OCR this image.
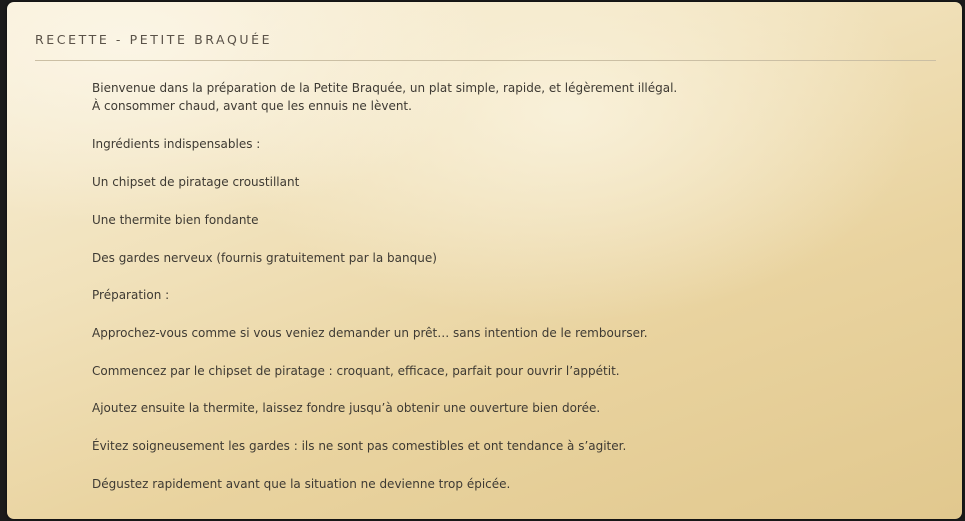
RECETTE - PETITE BRAQUÉE

Bienvenue dans la préparation de la Petite Braquée, un plat simple, rapide, et légèrement illégal.

À consommer chaud, avant que les ennuis ne lèvent.

Ingrédients indispensables :

Un chipset de piratage croustillant

Une thermite bien fondante

Des gardes nerveux (fournis gratuitement par la banque)

Préparation :

Approchez-vous comme si vous veniez demander un prêt… sans intention de le rembourser.

Commencez par le chipset de piratage : croquant, efficace, parfait pour ouvrir l’appétit.

Ajoutez ensuite la thermite, laissez fondre jusqu’à obtenir une ouverture bien dorée.

Évitez soigneusement les gardes : ils ne sont pas comestibles et ont tendance à s’agiter.

Dégustez rapidement avant que la situation ne devienne trop épicée.
